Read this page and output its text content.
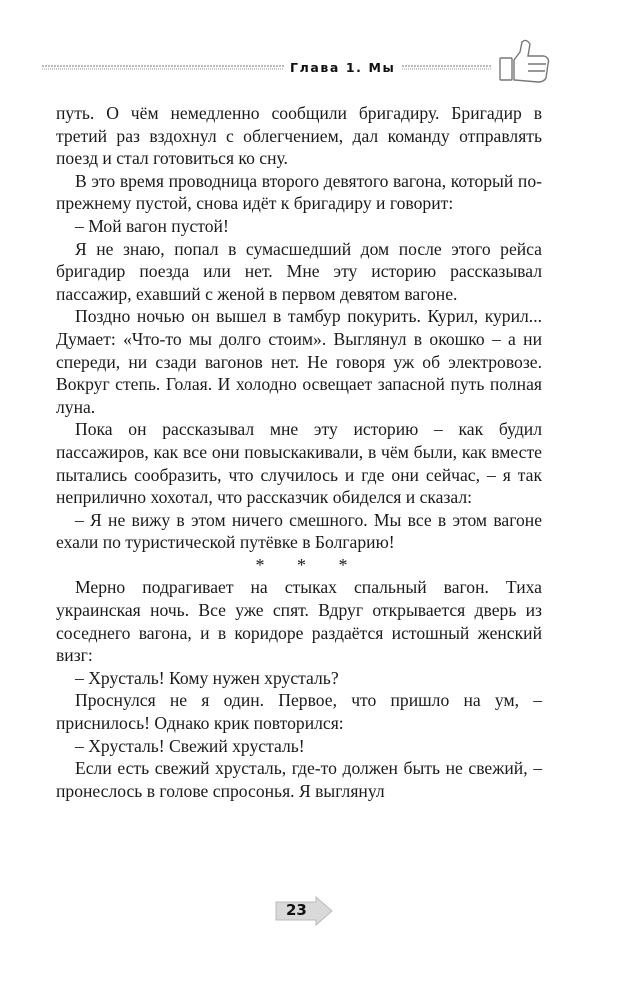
Глава 1. Мы

путь. О чём немедленно сообщили бригадиру. Бригадир в третий раз вздохнул с облегчением, дал команду отправлять поезд и стал готовиться ко сну.

В это время проводница второго девятого вагона, который по-прежнему пустой, снова идёт к бригадиру и говорит:

– Мой вагон пустой!

Я не знаю, попал в сумасшедший дом после этого рейса бригадир поезда или нет. Мне эту историю рассказывал пассажир, ехавший с женой в первом девятом вагоне.

Поздно ночью он вышел в тамбур покурить. Курил, курил... Думает: «Что-то мы долго стоим». Выглянул в окошко – а ни спереди, ни сзади вагонов нет. Не говоря уж об электровозе. Вокруг степь. Голая. И холодно освещает запасной путь полная луна.

Пока он рассказывал мне эту историю – как будил пассажиров, как все они повыскакивали, в чём были, как вместе пытались сообразить, что случилось и где они сейчас, – я так неприлично хохотал, что рассказчик обиделся и сказал:

– Я не вижу в этом ничего смешного. Мы все в этом вагоне ехали по туристической путёвке в Болгарию!

* * *

Мерно подрагивает на стыках спальный вагон. Тиха украинская ночь. Все уже спят. Вдруг открывается дверь из соседнего вагона, и в коридоре раздаётся истошный женский визг:

– Хрусталь! Кому нужен хрусталь?

Проснулся не я один. Первое, что пришло на ум, – приснилось! Однако крик повторился:

– Хрусталь! Свежий хрусталь!

Если есть свежий хрусталь, где-то должен быть не свежий, – пронеслось в голове спросонья. Я выглянул

23
